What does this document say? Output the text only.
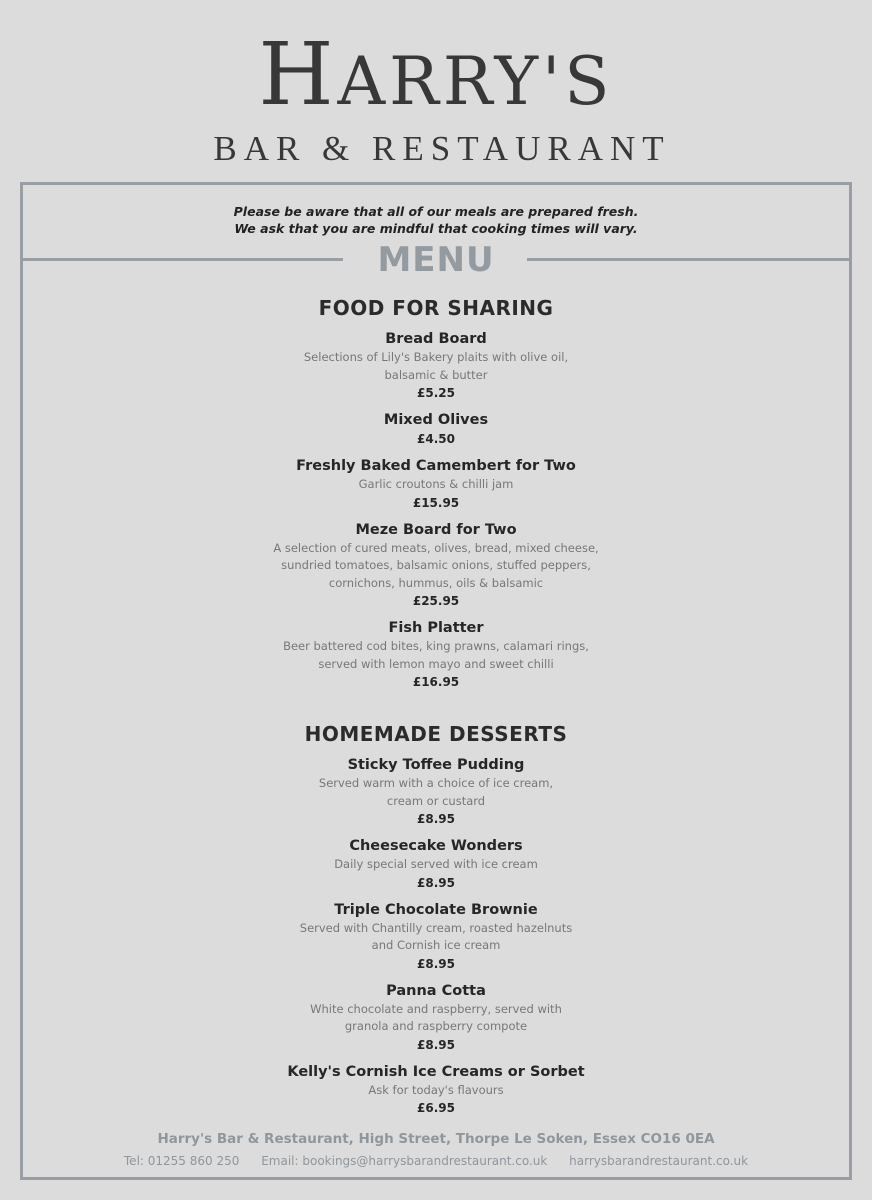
HARRY'S
BAR & RESTAURANT
Please be aware that all of our meals are prepared fresh.
We ask that you are mindful that cooking times will vary.
MENU
FOOD FOR SHARING
Bread Board
Selections of Lily's Bakery plaits with olive oil,
balsamic & butter
£5.25
Mixed Olives
£4.50
Freshly Baked Camembert for Two
Garlic croutons & chilli jam
£15.95
Meze Board for Two
A selection of cured meats, olives, bread, mixed cheese,
sundried tomatoes, balsamic onions, stuffed peppers,
cornichons, hummus, oils & balsamic
£25.95
Fish Platter
Beer battered cod bites, king prawns, calamari rings,
served with lemon mayo and sweet chilli
£16.95
HOMEMADE DESSERTS
Sticky Toffee Pudding
Served warm with a choice of ice cream,
cream or custard
£8.95
Cheesecake Wonders
Daily special served with ice cream
£8.95
Triple Chocolate Brownie
Served with Chantilly cream, roasted hazelnuts
and Cornish ice cream
£8.95
Panna Cotta
White chocolate and raspberry, served with
granola and raspberry compote
£8.95
Kelly's Cornish Ice Creams or Sorbet
Ask for today's flavours
£6.95
Harry's Bar & Restaurant, High Street, Thorpe Le Soken, Essex CO16 0EA
Tel: 01255 860 250 Email: bookings@harrysbarandrestaurant.co.uk harrysbarandrestaurant.co.uk
